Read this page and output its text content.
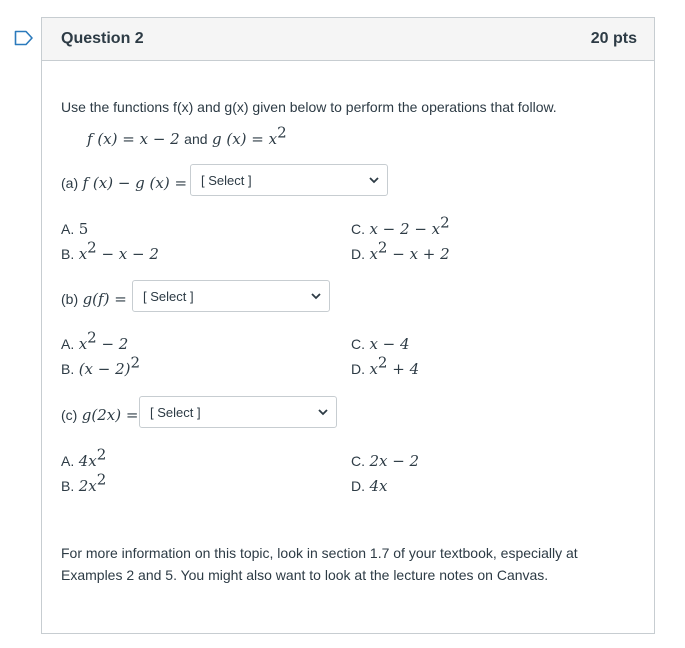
Question 2	20 pts
Use the functions f(x) and g(x) given below to perform the operations that follow.
f (x) = x − 2 and g $(x) = x^2$
(a) f (x) − g (x) = [ Select ]
A. 5
B. $x^2 - x - 2$
C. $x - 2 - x^2$
D. $x^2 - x + 2$
(b) g(f) = [ Select ]
A. $x^2 - 2$
B. $(x - 2)^2$
C. x − 4
D. $x^2 + 4$
(c) g(2x) = [ Select ]
A. $4x^2$
B. $2x^2$
C. 2x − 2
D. 4x
For more information on this topic, look in section 1.7 of your textbook, especially at Examples 2 and 5. You might also want to look at the lecture notes on Canvas.
